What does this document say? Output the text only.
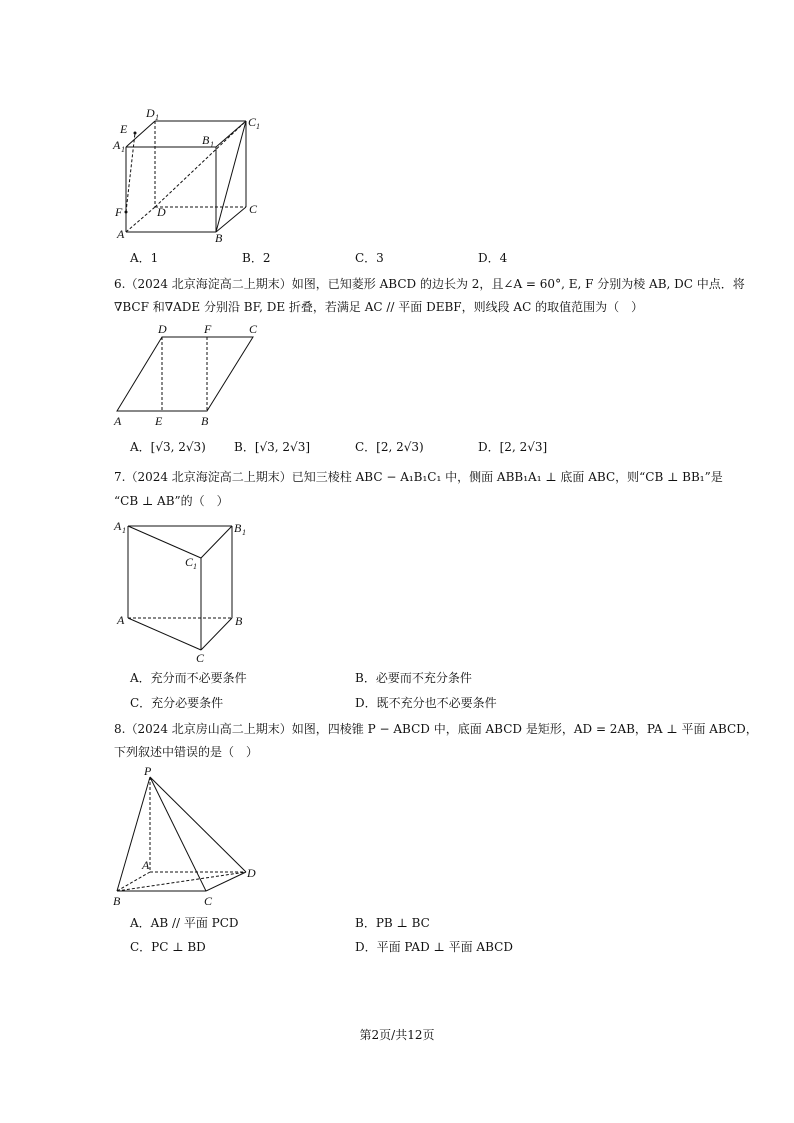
D 1	C 1
E
A 1
B 1
F	D	C
A	B
A．1	B．2	C．3	D．4
6.（2024 北京海淀高二上期末）如图，已知菱形 ABCD 的边长为 2，且∠A = 60°, E, F 分别为棱 AB, DC 中点．将
∇BCF 和∇ADE 分别沿 BF, DE 折叠，若满足 AC // 平面 DEBF，则线段 AC 的取值范围为（　）
D	F	C
A	E	B
A．[√3, 2√3) B．[√3, 2√3]	C．[2, 2√3)	D．[2, 2√3]
7.（2024 北京海淀高二上期末）已知三棱柱 ABC − A₁B₁C₁ 中，侧面 ABB₁A₁ ⊥ 底面 ABC，则“CB ⊥ BB₁”是
“CB ⊥ AB”的（　）
A 1	B 1
C 1
A	B
C
A．充分而不必要条件	B．必要而不充分条件
C．充分必要条件	D．既不充分也不必要条件
8.（2024 北京房山高二上期末）如图，四棱锥 P − ABCD 中，底面 ABCD 是矩形，AD = 2AB，PA ⊥ 平面 ABCD，
下列叙述中错误的是（　）
P
A
D
B	C
A．AB // 平面 PCD	B．PB ⊥ BC
C．PC ⊥ BD	D．平面 PAD ⊥ 平面 ABCD
第2页/共12页
